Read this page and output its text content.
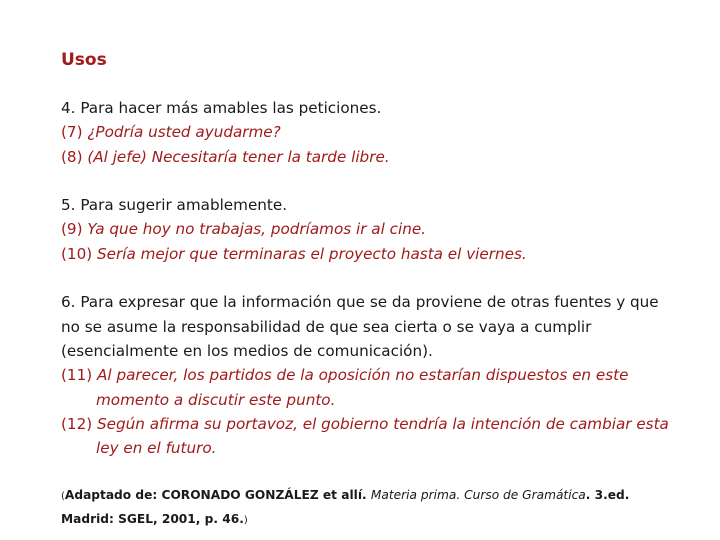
Usos
4. Para hacer más amables las peticiones.
(7) ¿Podría usted ayudarme?
(8) (Al jefe) Necesitaría tener la tarde libre.
5. Para sugerir amablemente.
(9) Ya que hoy no trabajas, podríamos ir al cine.
(10) Sería mejor que terminaras el proyecto hasta el viernes.
6. Para expresar que la información que se da proviene de otras fuentes y que no se asume la responsabilidad de que sea cierta o se vaya a cumplir (esencialmente en los medios de comunicación).
(11) Al parecer, los partidos de la oposición no estarían dispuestos en este momento a discutir este punto.
(12) Según afirma su portavoz, el gobierno tendría la intención de cambiar esta ley en el futuro.
(Adaptado de: CORONADO GONZÁLEZ et allí. Materia prima. Curso de Gramática. 3.ed. Madrid: SGEL, 2001, p. 46.)
